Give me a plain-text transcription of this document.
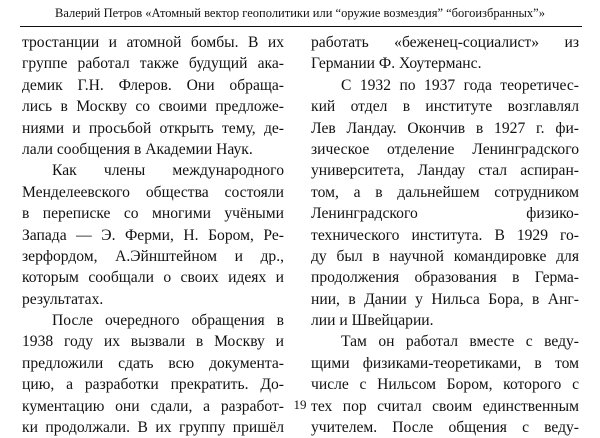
Валерий Петров «Атомный вектор геополитики или “оружие возмездия” “богоизбранных”»
тростанции и атомной бомбы. В их
группе работал также будущий ака-
демик Г.Н. Флеров. Они обраща-
лись в Москву со своими предложе-
ниями и просьбой открыть тему, де-
лали сообщения в Академии Наук.
Как члены международного
Менделеевского общества состояли
в переписке со многими учёными
Запада — Э. Ферми, Н. Бором, Ре-
зерфордом, А.Эйнштейном и др.,
которым сообщали о своих идеях и
результатах.
После очередного обращения в
1938 году их вызвали в Москву и
предложили сдать всю документа-
цию, а разработки прекратить. До-
кументацию они сдали, а разработ-
ки продолжали. В их группу пришёл
работать «беженец-социалист» из
Германии Ф. Хоутерманс.
С 1932 по 1937 года теоретичес-
кий отдел в институте возглавлял
Лев Ландау. Окончив в 1927 г. фи-
зическое отделение Ленинградского
университета, Ландау стал аспиран-
том, а в дальнейшем сотрудником
Ленинградского физико-
технического института. В 1929 го-
ду был в научной командировке для
продолжения образования в Герма-
нии, в Дании у Нильса Бора, в Анг-
лии и Швейцарии.
Там он работал вместе с веду-
щими физиками-теоретиками, в том
числе с Нильсом Бором, которого с
тех пор считал своим единственным
учителем. После общения с веду-
19
